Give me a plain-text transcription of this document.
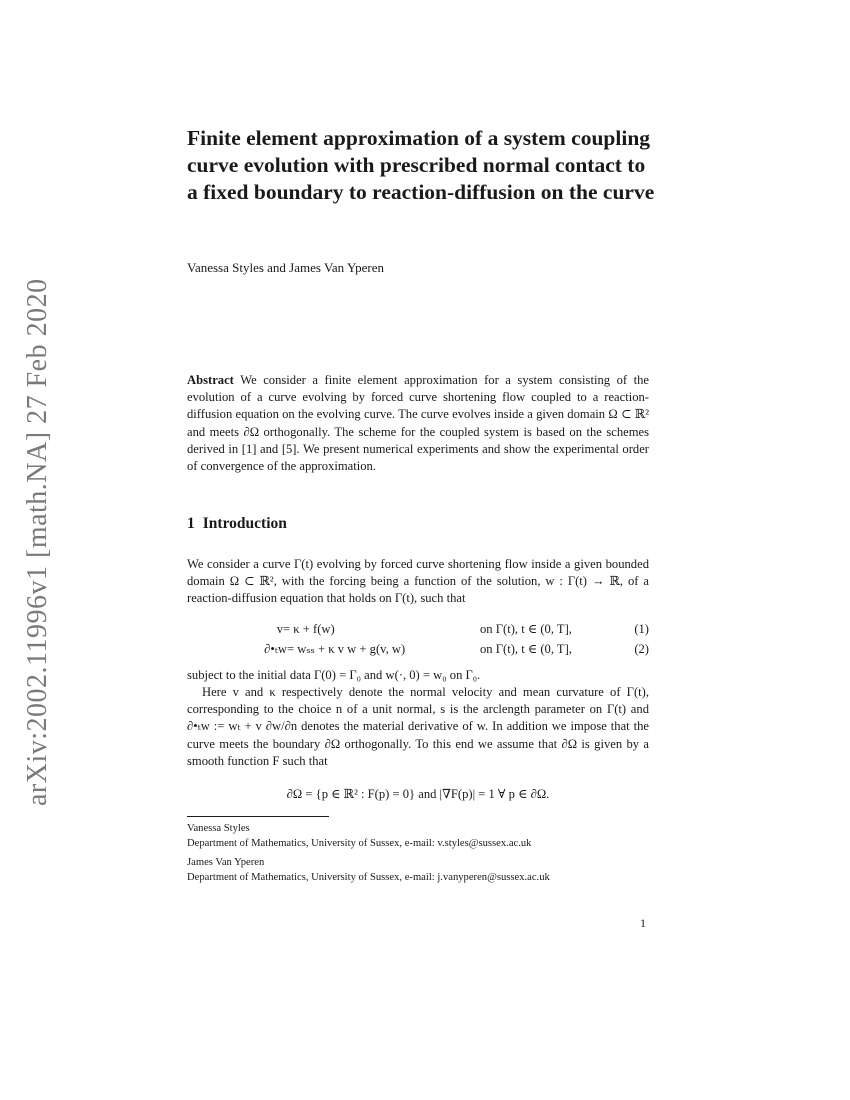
arXiv:2002.11996v1 [math.NA] 27 Feb 2020
Finite element approximation of a system coupling curve evolution with prescribed normal contact to a fixed boundary to reaction-diffusion on the curve
Vanessa Styles and James Van Yperen

Abstract We consider a finite element approximation for a system consisting of the evolution of a curve evolving by forced curve shortening flow coupled to a reaction-diffusion equation on the evolving curve. The curve evolves inside a given domain Ω ⊂ ℝ² and meets ∂Ω orthogonally. The scheme for the coupled system is based on the schemes derived in [1] and [5]. We present numerical experiments and show the experimental order of convergence of the approximation.

1 Introduction

We consider a curve Γ(t) evolving by forced curve shortening flow inside a given bounded domain Ω ⊂ ℝ², with the forcing being a function of the solution, w : Γ(t) → ℝ, of a reaction-diffusion equation that holds on Γ(t), such that

v = κ + f(w)	on Γ(t), t ∈ (0, T],	(1)
∂•ₜw = wₛₛ + κ v w + g(v, w)	on Γ(t), t ∈ (0, T],	(2)

subject to the initial data Γ(0) = Γ₀ and w(·, 0) = w₀ on Γ₀.

Here v and κ respectively denote the normal velocity and mean curvature of Γ(t), corresponding to the choice n of a unit normal, s is the arclength parameter on Γ(t) and ∂•ₜw := wₜ + v ∂w/∂n denotes the material derivative of w. In addition we impose that the curve meets the boundary ∂Ω orthogonally. To this end we assume that ∂Ω is given by a smooth function F such that

∂Ω = {p ∈ ℝ² : F(p) = 0} and |∇F(p)| = 1 ∀ p ∈ ∂Ω.
Vanessa Styles
Department of Mathematics, University of Sussex, e-mail: v.styles@sussex.ac.uk
James Van Yperen
Department of Mathematics, University of Sussex, e-mail: j.vanyperen@sussex.ac.uk
1
